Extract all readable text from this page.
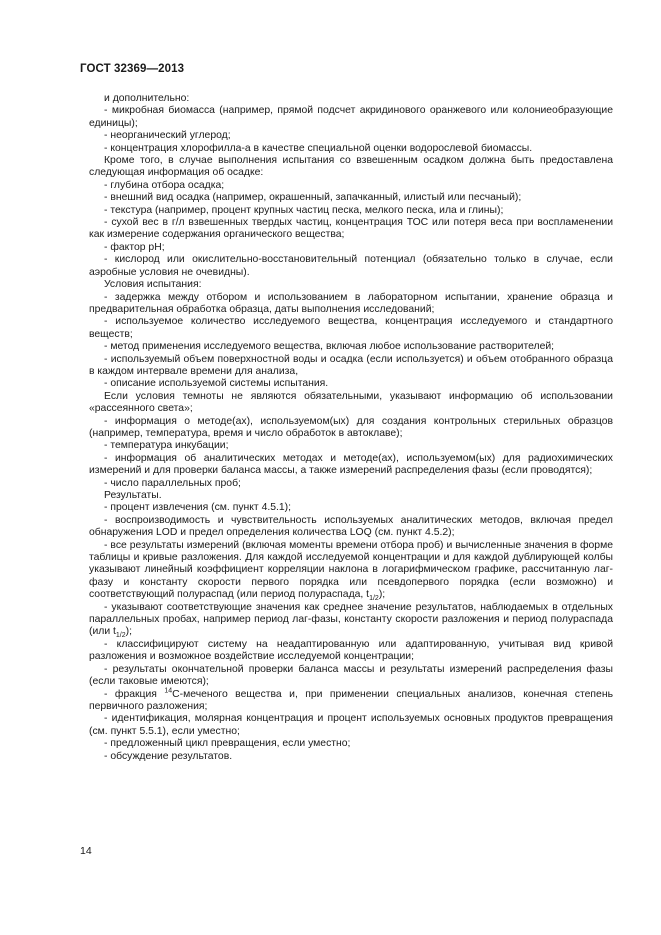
ГОСТ 32369—2013

и дополнительно:

- микробная биомасса (например, прямой подсчет акридинового оранжевого или колониеобразующие единицы);

- неорганический углерод;

- концентрация хлорофилла-а в качестве специальной оценки водорослевой биомассы.

Кроме того, в случае выполнения испытания со взвешенным осадком должна быть предоставлена следующая информация об осадке:

- глубина отбора осадка;

- внешний вид осадка (например, окрашенный, запачканный, илистый или песчаный);

- текстура (например, процент крупных частиц песка, мелкого песка, ила и глины);

- сухой вес в г/л взвешенных твердых частиц, концентрация ТОС или потеря веса при воспламенении как измерение содержания органического вещества;

- фактор pH;

- кислород или окислительно-восстановительный потенциал (обязательно только в случае, если аэробные условия не очевидны).

Условия испытания:

- задержка между отбором и использованием в лабораторном испытании, хранение образца и предварительная обработка образца, даты выполнения исследований;

- используемое количество исследуемого вещества, концентрация исследуемого и стандартного веществ;

- метод применения исследуемого вещества, включая любое использование растворителей;

- используемый объем поверхностной воды и осадка (если используется) и объем отобранного образца в каждом интервале времени для анализа,

- описание используемой системы испытания.

Если условия темноты не являются обязательными, указывают информацию об использовании «рассеянного света»;

- информация о методе(ах), используемом(ых) для создания контрольных стерильных образцов (например, температура, время и число обработок в автоклаве);

- температура инкубации;

- информация об аналитических методах и методе(ах), используемом(ых) для радиохимических измерений и для проверки баланса массы, а также измерений распределения фазы (если проводятся);

- число параллельных проб;

Результаты.

- процент извлечения (см. пункт 4.5.1);

- воспроизводимость и чувствительность используемых аналитических методов, включая предел обнаружения LOD и предел определения количества LOQ (см. пункт 4.5.2);

- все результаты измерений (включая моменты времени отбора проб) и вычисленные значения в форме таблицы и кривые разложения. Для каждой исследуемой концентрации и для каждой дублирующей колбы указывают линейный коэффициент корреляции наклона в логарифмическом графике, рассчитанную лаг-фазу и константу скорости первого порядка или псевдопервого порядка (если возможно) и соответствующий полураспад (или период полураспада, $t_{1/2}$);

- указывают соответствующие значения как среднее значение результатов, наблюдаемых в отдельных параллельных пробах, например период лаг-фазы, константу скорости разложения и период полураспада (или $t_{1/2}$);

- классифицируют систему на неадаптированную или адаптированную, учитывая вид кривой разложения и возможное воздействие исследуемой концентрации;

- результаты окончательной проверки баланса массы и результаты измерений распределения фазы (если таковые имеются);

- фракция $^{14}$С-меченого вещества и, при применении специальных анализов, конечная степень первичного разложения;

- идентификация, молярная концентрация и процент используемых основных продуктов превращения (см. пункт 5.5.1), если уместно;

- предложенный цикл превращения, если уместно;

- обсуждение результатов.

14
